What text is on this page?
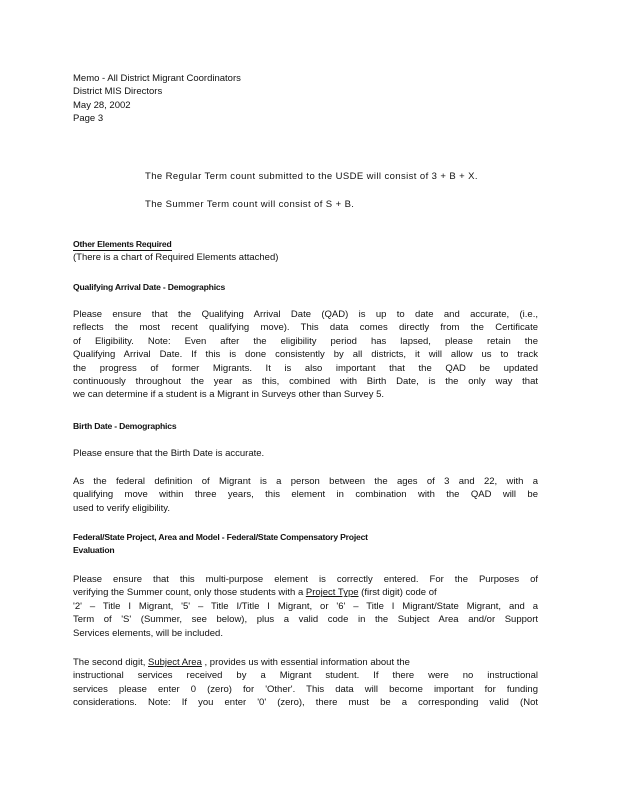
Memo - All District Migrant Coordinators
District MIS Directors
May 28, 2002
Page 3
The Regular Term count submitted to the USDE will consist of 3 + B + X.
The Summer Term count will consist of S + B.
Other Elements Required
(There is a chart of Required Elements attached)
Qualifying Arrival Date - Demographics
Please ensure that the Qualifying Arrival Date (QAD) is up to date and accurate, (i.e.,
reflects the most recent qualifying move). This data comes directly from the Certificate
of Eligibility. Note: Even after the eligibility period has lapsed, please retain the
Qualifying Arrival Date. If this is done consistently by all districts, it will allow us to track
the progress of former Migrants. It is also important that the QAD be updated
continuously throughout the year as this, combined with Birth Date, is the only way that
we can determine if a student is a Migrant in Surveys other than Survey 5.
Birth Date - Demographics
Please ensure that the Birth Date is accurate.
As the federal definition of Migrant is a person between the ages of 3 and 22, with a
qualifying move within three years, this element in combination with the QAD will be
used to verify eligibility.
Federal/State Project, Area and Model - Federal/State Compensatory Project
Evaluation
Please ensure that this multi-purpose element is correctly entered. For the Purposes of
verifying the Summer count, only those students with a Project Type (first digit) code of
'2' – Title I Migrant, '5' – Title I/Title I Migrant, or '6' – Title I Migrant/State Migrant, and a
Term of 'S' (Summer, see below), plus a valid code in the Subject Area and/or Support
Services elements, will be included.
The second digit, Subject Area , provides us with essential information about the
instructional services received by a Migrant student. If there were no instructional
services please enter 0 (zero) for 'Other'. This data will become important for funding
considerations. Note: If you enter '0' (zero), there must be a corresponding valid (Not
